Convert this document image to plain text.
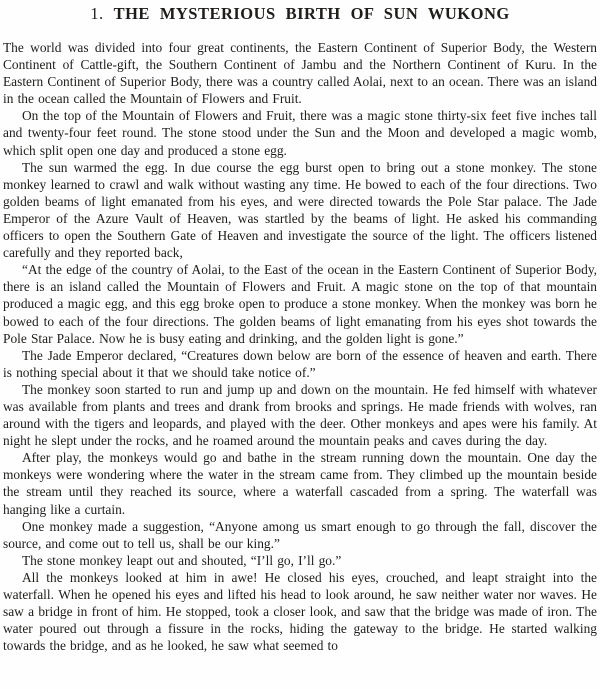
1. THE MYSTERIOUS BIRTH OF SUN WUKONG

The world was divided into four great continents, the Eastern Continent of Superior Body, the Western Continent of Cattle-gift, the Southern Continent of Jambu and the Northern Continent of Kuru. In the Eastern Continent of Superior Body, there was a country called Aolai, next to an ocean. There was an island in the ocean called the Mountain of Flowers and Fruit.

On the top of the Mountain of Flowers and Fruit, there was a magic stone thirty-six feet five inches tall and twenty-four feet round. The stone stood under the Sun and the Moon and developed a magic womb, which split open one day and produced a stone egg.

The sun warmed the egg. In due course the egg burst open to bring out a stone monkey. The stone monkey learned to crawl and walk without wasting any time. He bowed to each of the four directions. Two golden beams of light emanated from his eyes, and were directed towards the Pole Star palace. The Jade Emperor of the Azure Vault of Heaven, was startled by the beams of light. He asked his commanding officers to open the Southern Gate of Heaven and investigate the source of the light. The officers listened carefully and they reported back,

“At the edge of the country of Aolai, to the East of the ocean in the Eastern Continent of Superior Body, there is an island called the Mountain of Flowers and Fruit. A magic stone on the top of that mountain produced a magic egg, and this egg broke open to produce a stone monkey. When the monkey was born he bowed to each of the four directions. The golden beams of light emanating from his eyes shot towards the Pole Star Palace. Now he is busy eating and drinking, and the golden light is gone.”

The Jade Emperor declared, “Creatures down below are born of the essence of heaven and earth. There is nothing special about it that we should take notice of.”

The monkey soon started to run and jump up and down on the mountain. He fed himself with whatever was available from plants and trees and drank from brooks and springs. He made friends with wolves, ran around with the tigers and leopards, and played with the deer. Other monkeys and apes were his family. At night he slept under the rocks, and he roamed around the mountain peaks and caves during the day.

After play, the monkeys would go and bathe in the stream running down the mountain. One day the monkeys were wondering where the water in the stream came from. They climbed up the mountain beside the stream until they reached its source, where a waterfall cascaded from a spring. The waterfall was hanging like a curtain.

One monkey made a suggestion, “Anyone among us smart enough to go through the fall, discover the source, and come out to tell us, shall be our king.”

The stone monkey leapt out and shouted, “I’ll go, I’ll go.”

All the monkeys looked at him in awe! He closed his eyes, crouched, and leapt straight into the waterfall. When he opened his eyes and lifted his head to look around, he saw neither water nor waves. He saw a bridge in front of him. He stopped, took a closer look, and saw that the bridge was made of iron. The water poured out through a fissure in the rocks, hiding the gateway to the bridge. He started walking towards the bridge, and as he looked, he saw what seemed to
